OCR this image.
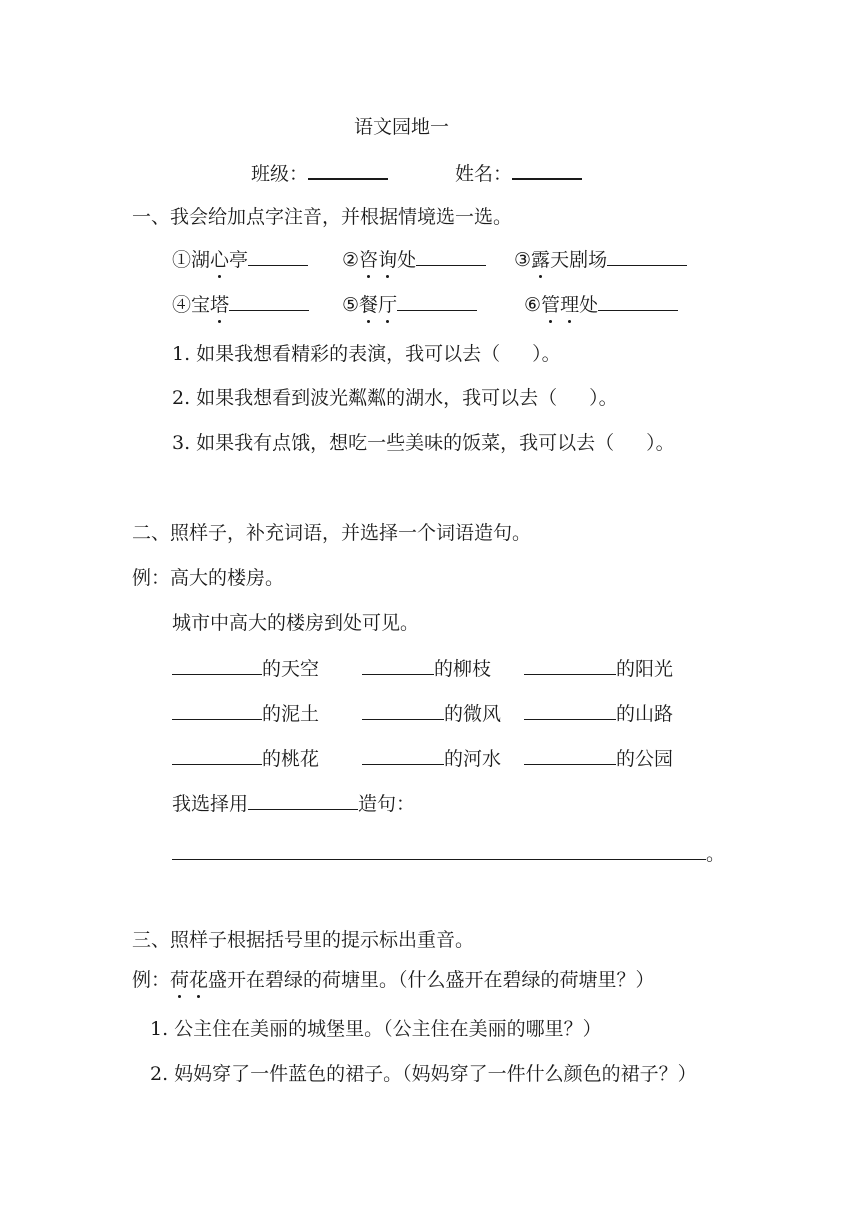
语文园地一
班级：	姓名：
一、我会给加点字注音，并根据情境选一选。
①湖心亭	②咨询处	③露天剧场
④宝塔	⑤餐厅	⑥管理处
1. 如果我想看精彩的表演，我可以去（ ）。
2. 如果我想看到波光粼粼的湖水，我可以去（ ）。
3. 如果我有点饿，想吃一些美味的饭菜，我可以去（ ）。
二、照样子，补充词语，并选择一个词语造句。
例：高大的楼房。
城市中高大的楼房到处可见。
的天空	的柳枝	的阳光
的泥土	的微风	的山路
的桃花	的河水	的公园
我选择用	造句：
。
三、照样子根据括号里的提示标出重音。
例：荷花盛开在碧绿的荷塘里。（什么盛开在碧绿的荷塘里？）
1. 公主住在美丽的城堡里。（公主住在美丽的哪里？）
2. 妈妈穿了一件蓝色的裙子。（妈妈穿了一件什么颜色的裙子？）
